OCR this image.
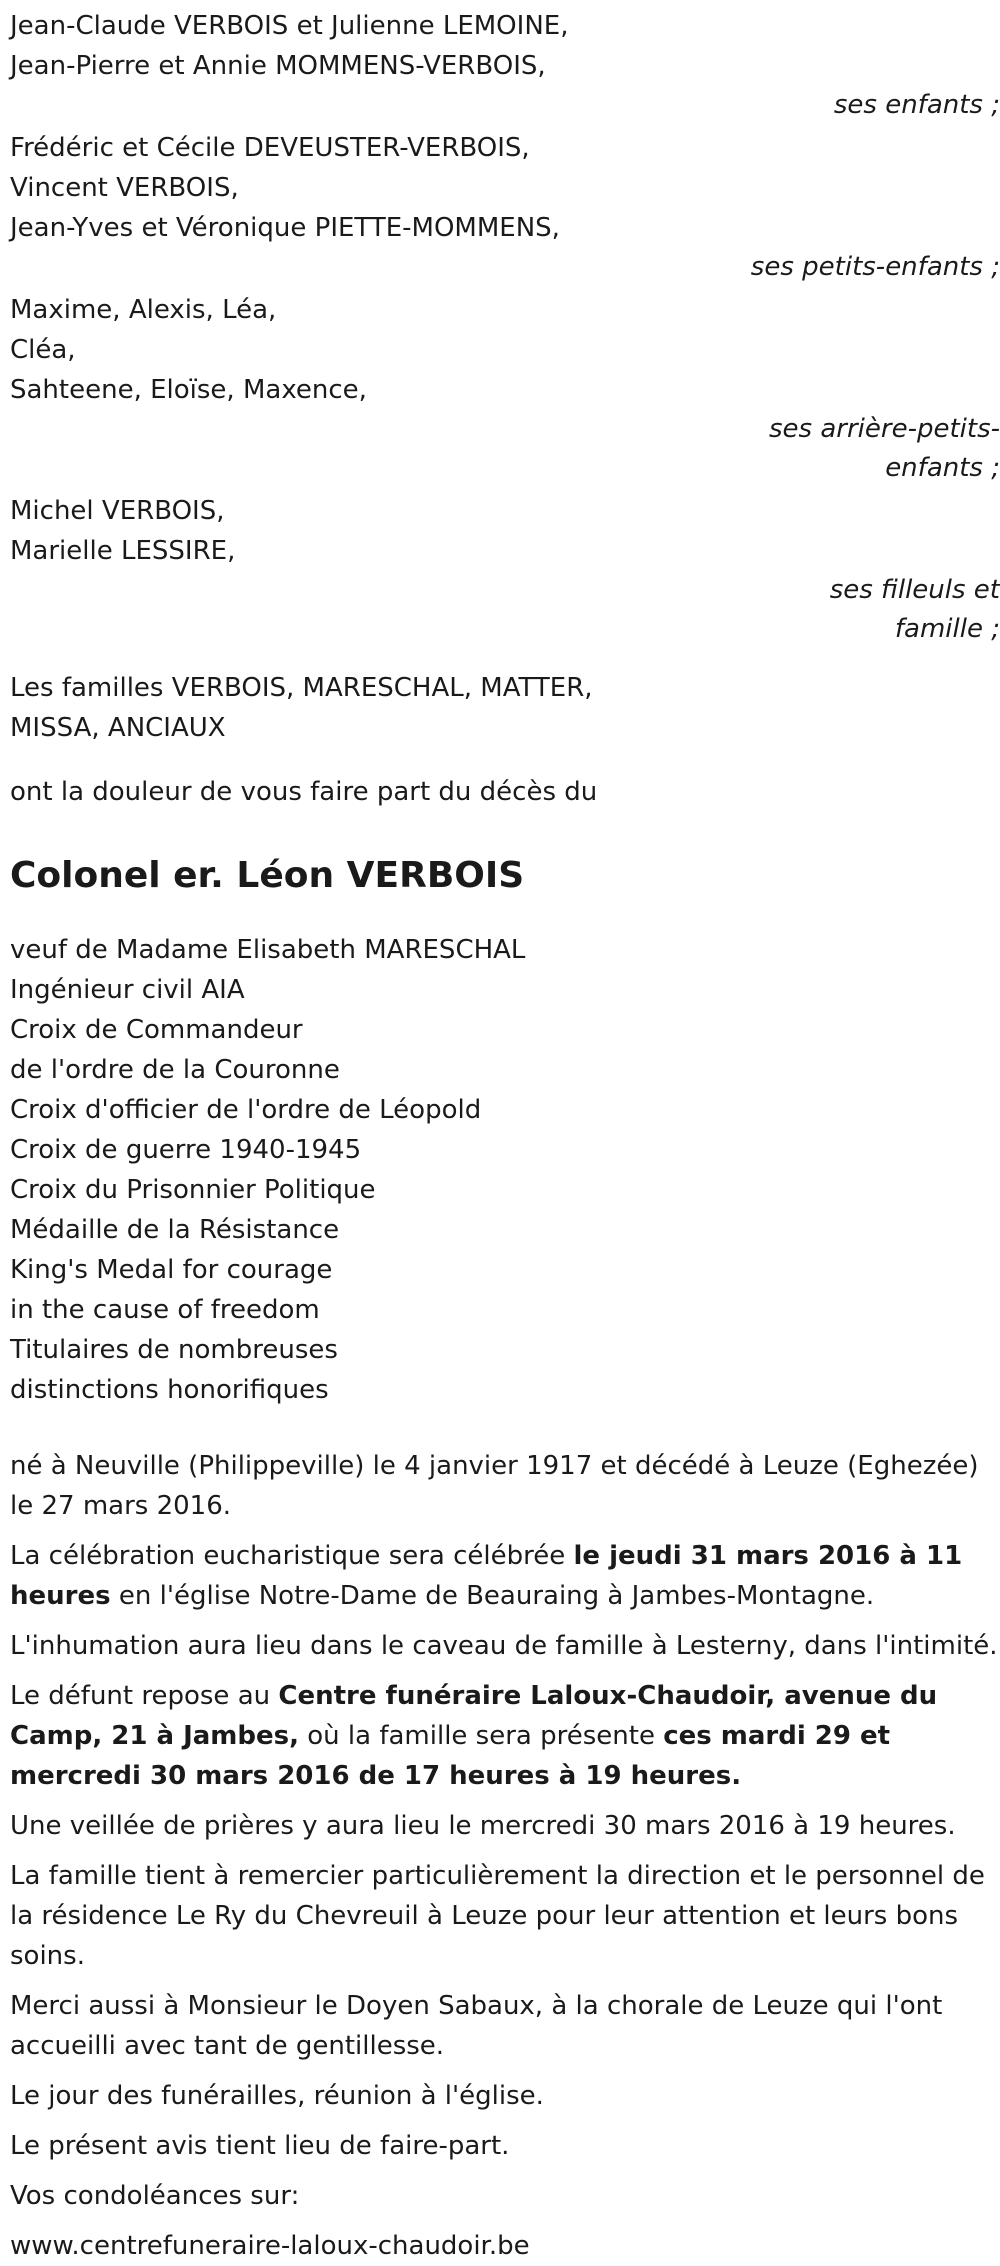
Jean-Claude VERBOIS et Julienne LEMOINE,
Jean-Pierre et Annie MOMMENS-VERBOIS,
ses enfants ;
Frédéric et Cécile DEVEUSTER-VERBOIS,
Vincent VERBOIS,
Jean-Yves et Véronique PIETTE-MOMMENS,
ses petits-enfants ;
Maxime, Alexis, Léa,
Cléa,
Sahteene, Eloïse, Maxence,
ses arrière-petits-
enfants ;
Michel VERBOIS,
Marielle LESSIRE,
ses filleuls et
famille ;
Les familles VERBOIS, MARESCHAL, MATTER,
MISSA, ANCIAUX
ont la douleur de vous faire part du décès du
Colonel er. Léon VERBOIS
veuf de Madame Elisabeth MARESCHAL
Ingénieur civil AIA
Croix de Commandeur
de l'ordre de la Couronne
Croix d'officier de l'ordre de Léopold
Croix de guerre 1940-1945
Croix du Prisonnier Politique
Médaille de la Résistance
King's Medal for courage
in the cause of freedom
Titulaires de nombreuses
distinctions honorifiques
né à Neuville (Philippeville) le 4 janvier 1917 et décédé à Leuze (Eghezée) le 27 mars 2016.
La célébration eucharistique sera célébrée le jeudi 31 mars 2016 à 11 heures en l'église Notre-Dame de Beauraing à Jambes-Montagne.
L'inhumation aura lieu dans le caveau de famille à Lesterny, dans l'intimité.
Le défunt repose au Centre funéraire Laloux-Chaudoir, avenue du Camp, 21 à Jambes, où la famille sera présente ces mardi 29 et mercredi 30 mars 2016 de 17 heures à 19 heures.
Une veillée de prières y aura lieu le mercredi 30 mars 2016 à 19 heures.
La famille tient à remercier particulièrement la direction et le personnel de la résidence Le Ry du Chevreuil à Leuze pour leur attention et leurs bons soins.
Merci aussi à Monsieur le Doyen Sabaux, à la chorale de Leuze qui l'ont accueilli avec tant de gentillesse.
Le jour des funérailles, réunion à l'église.
Le présent avis tient lieu de faire-part.
Vos condoléances sur:
www.centrefuneraire-laloux-chaudoir.be
